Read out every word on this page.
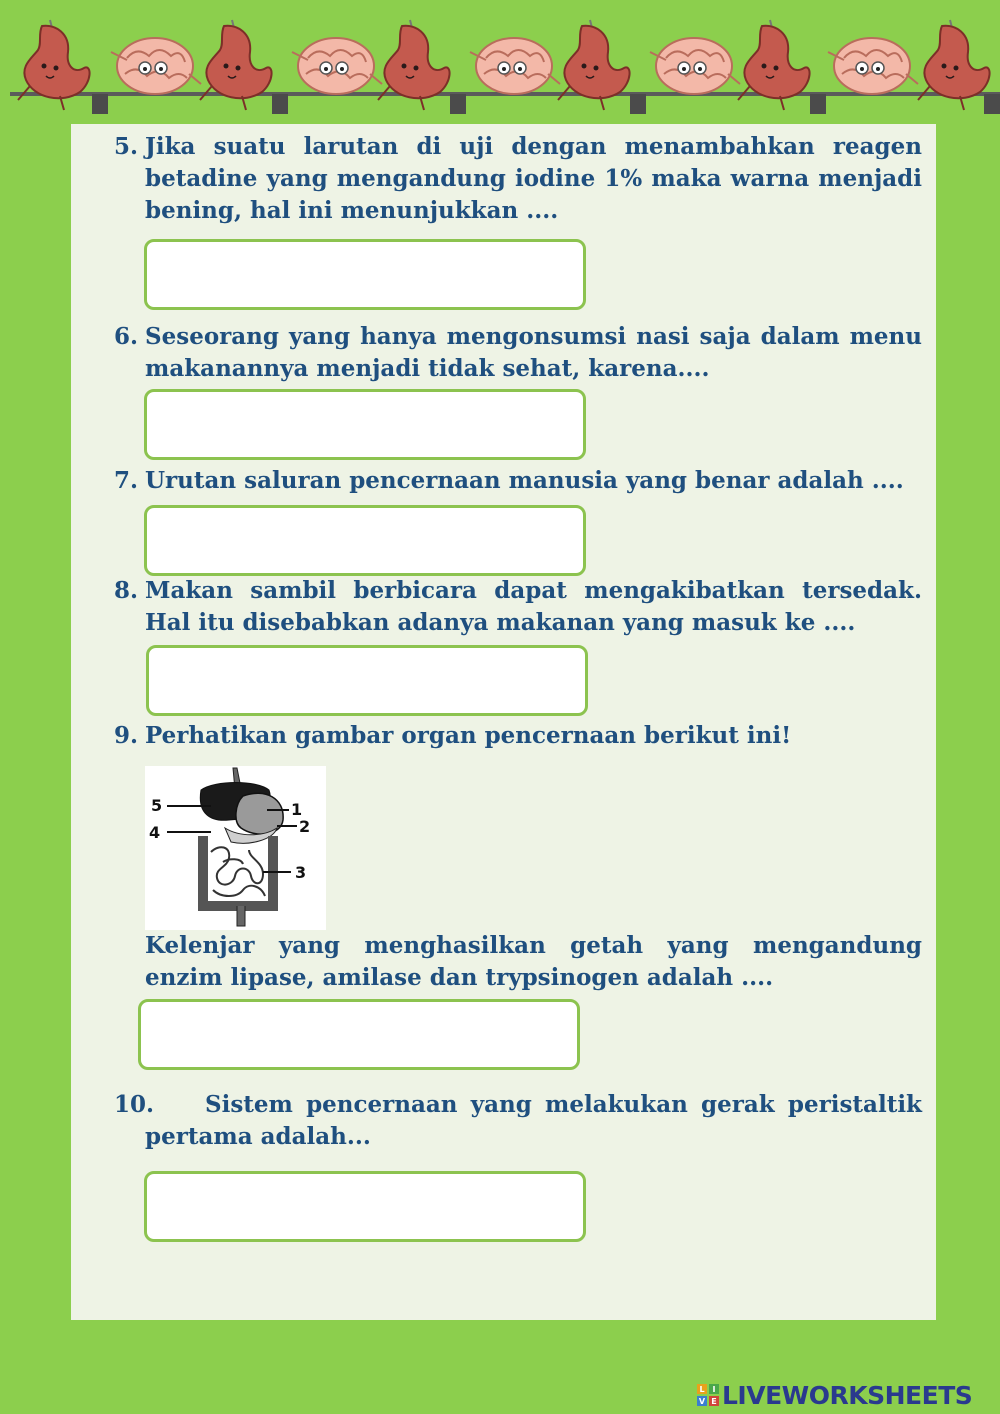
5. Jika suatu larutan di uji dengan menambahkan reagen betadine yang mengandung iodine 1% maka warna menjadi bening, hal ini menunjukkan ....
6. Seseorang yang hanya mengonsumsi nasi saja dalam menu makanannya menjadi tidak sehat, karena....
7. Urutan saluran pencernaan manusia yang benar adalah ....
8. Makan sambil berbicara dapat mengakibatkan tersedak. Hal itu disebabkan adanya makanan yang masuk ke ....
9. Perhatikan gambar organ pencernaan berikut ini!
1
2
3
4
5
Kelenjar yang menghasilkan getah yang mengandung enzim lipase, amilase dan trypsinogen adalah ....
10.	Sistem pencernaan yang melakukan gerak peristaltik pertama adalah...
L I
V E LIVEWORKSHEETS
